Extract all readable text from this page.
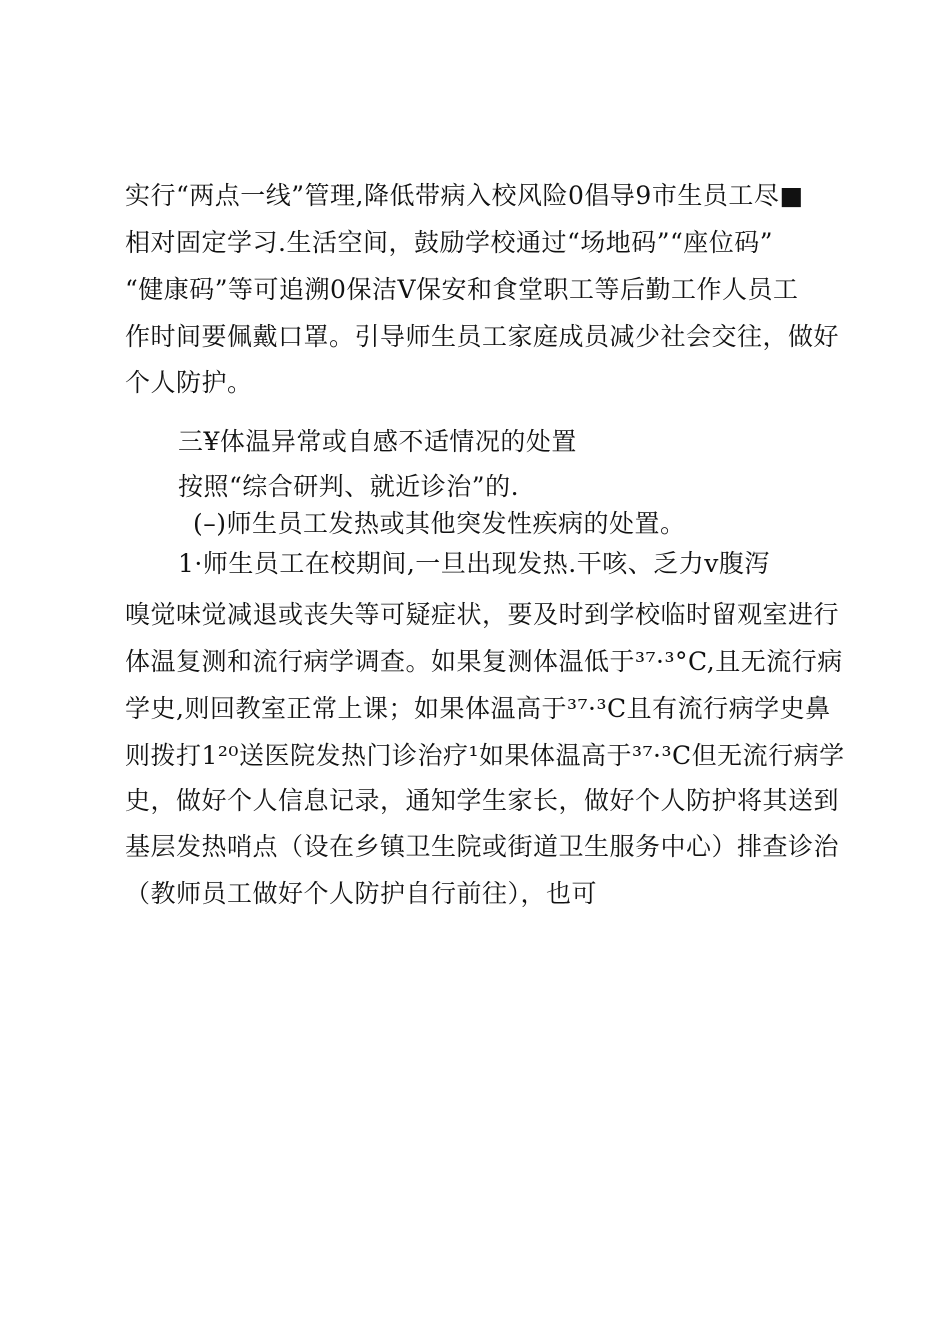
实行“两点一线”管理,降低带病入校风险0倡导9市生员工尽■
相对固定学习.生活空间，鼓励学校通过“场地码”“座位码”
“健康码”等可追溯0保洁V保安和食堂职工等后勤工作人员工
作时间要佩戴口罩。引导师生员工家庭成员减少社会交往，做好
个人防护。
三¥体温异常或自感不适情况的处置
按照“综合研判、就近诊治”的.
(–)师生员工发热或其他突发性疾病的处置。
1·师生员工在校期间,一旦出现发热.干咳、乏力v腹泻
嗅觉味觉减退或丧失等可疑症状，要及时到学校临时留观室进行
体温复测和流行病学调查。如果复测体温低于³⁷·³°C,且无流行病
学史,则回教室正常上课；如果体温高于³⁷·³C且有流行病学史鼻
则拨打1²⁰送医院发热门诊治疗¹如果体温高于³⁷·³C但无流行病学
史，做好个人信息记录，通知学生家长，做好个人防护将其送到
基层发热哨点（设在乡镇卫生院或街道卫生服务中心）排查诊治
（教师员工做好个人防护自行前往），也可
